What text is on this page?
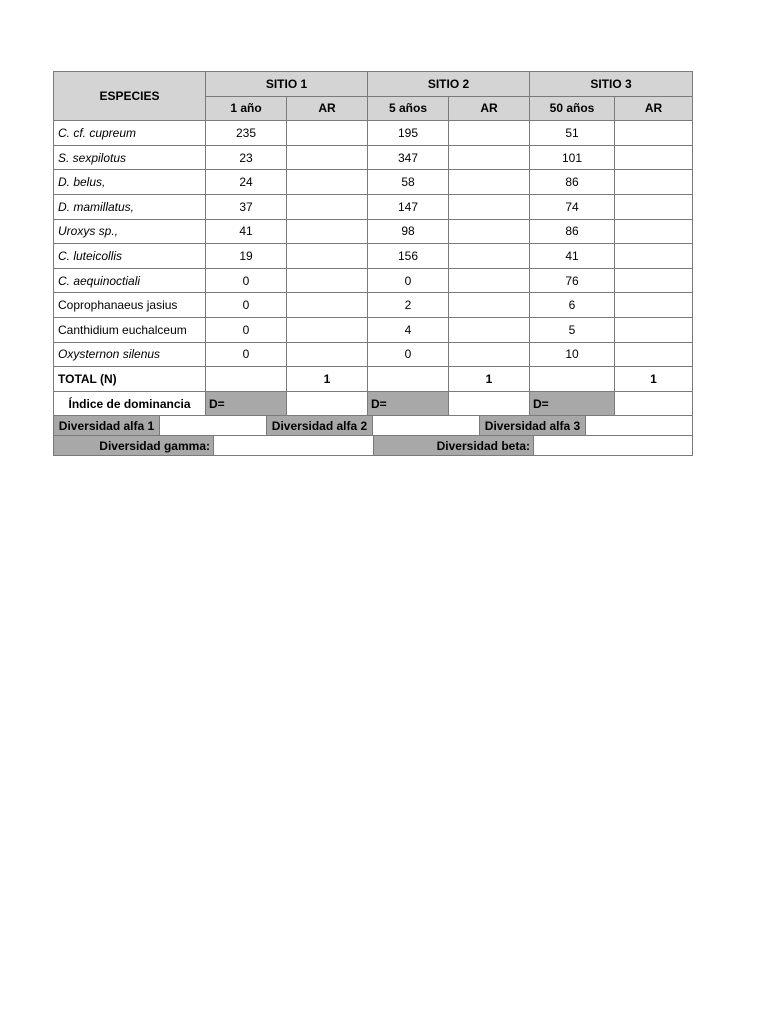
ESPECIES	SITIO 1		SITIO 2		SITIO 3	
	1 año	AR	5 años	AR	50 años	AR
C. cf. cupreum	235		195		51	
S. sexpilotus	23		347		101	
D. belus,	24		58		86	
D. mamillatus,	37		147		74	
Uroxys sp.,	41		98		86	
C. luteicollis	19		156		41	
C. aequinoctiali	0		0		76	
Coprophanaeus jasius	0		2		6	
Canthidium euchalceum	0		4		5	
Oxysternon silenus	0		0		10	
TOTAL (N)		1		1		1
Índice de dominancia	D=		D=		D=	
Diversidad alfa 1		Diversidad alfa 2		Diversidad alfa 3	
Diversidad gamma:		Diversidad beta:	
